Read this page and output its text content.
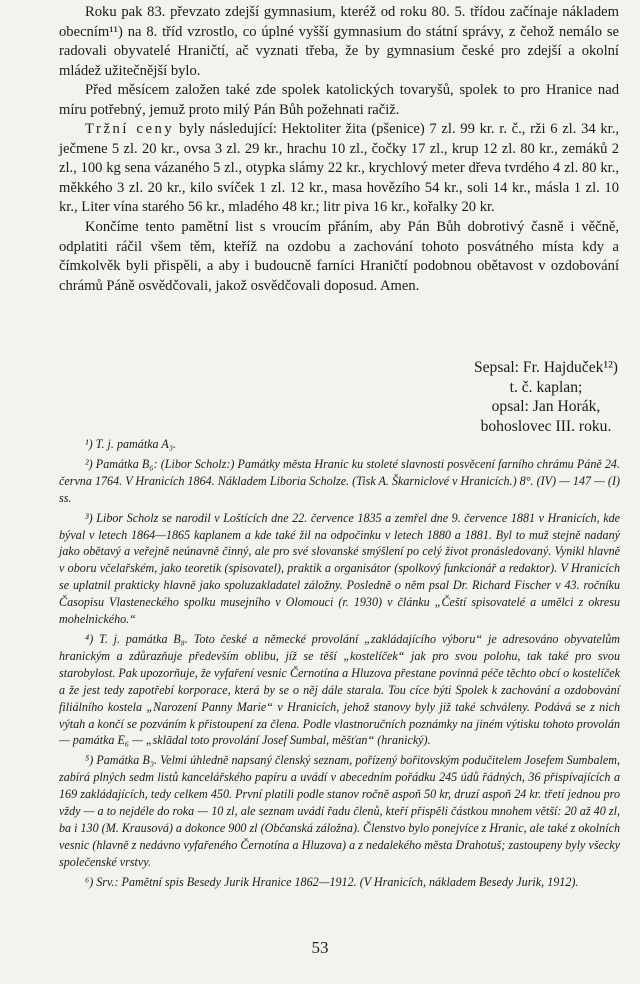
Roku pak 83. převzato zdejší gymnasium, kteréž od roku 80. 5. třídou začínaje nákladem obecním¹¹) na 8. tříd vzrostlo, co úplné vyšší gymnasium do státní správy, z čehož nemálo se radovali obyvatelé Hraničtí, ač vyznati třeba, že by gymnasium české pro zdejší a okolní mládež užitečnější bylo.

Před měsícem založen také zde spolek katolických tovaryšů, spolek to pro Hranice nad míru potřebný, jemuž proto milý Pán Bůh požehnati račiž.

Tržní ceny byly následující: Hektoliter žita (pšenice) 7 zl. 99 kr. r. č., rži 6 zl. 34 kr., ječmene 5 zl. 20 kr., ovsa 3 zl. 29 kr., hrachu 10 zl., čočky 17 zl., krup 12 zl. 80 kr., zemáků 2 zl., 100 kg sena vázaného 5 zl., otypka slámy 22 kr., krychlový meter dřeva tvrdého 4 zl. 80 kr., měkkého 3 zl. 20 kr., kilo svíček 1 zl. 12 kr., masa hovězího 54 kr., soli 14 kr., másla 1 zl. 10 kr., Liter vína starého 56 kr., mladého 48 kr.; litr piva 16 kr., kořalky 20 kr.

Končíme tento pamětní list s vroucím přáním, aby Pán Bůh dobrotivý časně i věčně, odplatiti ráčil všem těm, kteříž na ozdobu a zachování tohoto posvátného místa kdy a čímkolvěk byli přispěli, a aby i budoucně farníci Hraničtí podobnou obětavost v ozdobování chrámů Páně osvědčovali, jakož osvědčovali doposud. Amen.

Sepsal: Fr. Hajduček¹²)
t. č. kaplan;
opsal: Jan Horák,
bohoslovec III. roku.

¹) T. j. památka A₃.

²) Památka B₆: (Libor Scholz:) Památky města Hranic ku stoleté slavnosti posvěcení farního chrámu Páně 24. června 1764. V Hranicích 1864. Nákladem Liboria Scholze. (Tisk A. Škarniclové v Hranicích.) 8°. (IV) — 147 — (I) ss.

³) Libor Scholz se narodil v Loštících dne 22. července 1835 a zemřel dne 9. července 1881 v Hranicích, kde býval v letech 1864—1865 kaplanem a kde také žil na odpočinku v letech 1880 a 1881. Byl to muž stejně nadaný jako obětavý a veřejně neúnavně činný, ale pro své slovanské smýšlení po celý život pronásledovaný. Vynikl hlavně v oboru včelařském, jako teoretik (spisovatel), praktik a organisátor (spolkový funkcionář a redaktor). V Hranicích se uplatnil prakticky hlavně jako spoluzakladatel záložny. Posledně o něm psal Dr. Richard Fischer v 43. ročníku Časopisu Vlasteneckého spolku musejního v Olomouci (r. 1930) v článku „Čeští spisovatelé a umělci z okresu mohelnického.“

⁴) T. j. památka B₈. Toto české a německé provolání „zakládajícího výboru“ je adresováno obyvatelům hranickým a zdůrazňuje především oblibu, jíž se těší „kostelíček“ jak pro svou polohu, tak také pro svou starobylost. Pak upozorňuje, že vyfaření vesnic Černotína a Hluzova přestane povinná péče těchto obcí o kostelíček a že jest tedy zapotřebí korporace, která by se o něj dále starala. Tou cíce býti Spolek k zachování a ozdobování filiálního kostela „Narození Panny Marie“ v Hranicích, jehož stanovy byly již také schváleny. Podává se z nich výtah a končí se pozváním k přistoupení za člena. Podle vlastnoručních poznámky na jiném výtisku tohoto provolán — památka E₆ — „sklādal toto provolání Josef Sumbal, měšťan“ (hranický).

⁵) Památka B₃. Velmi úhledně napsaný členský seznam, pořízený bořitovským podučitelem Josefem Sumbalem, zabírá plných sedm listů kancelářského papíru a uvádí v abecedním pořádku 245 údů řádných, 36 přispívajících a 169 zakládajících, tedy celkem 450. První platili podle stanov ročně aspoň 50 kr, druzí aspoň 24 kr. třetí jednou pro vždy — a to nejdéle do roka — 10 zl, ale seznam uvádí řadu členů, kteří přispěli částkou mnohem větší: 20 až 40 zl, ba i 130 (M. Krausová) a dokonce 900 zl (Občanská záložna). Členstvo bylo ponejvíce z Hranic, ale také z okolních vesnic (hlavně z nedávno vyfařeného Černotína a Hluzova) a z nedalekého města Drahotuš; zastoupeny byly všecky společenské vrstvy.

⁶) Srv.: Pamětní spis Besedy Jurik Hranice 1862—1912. (V Hranicích, nákladem Besedy Jurik, 1912).

53
